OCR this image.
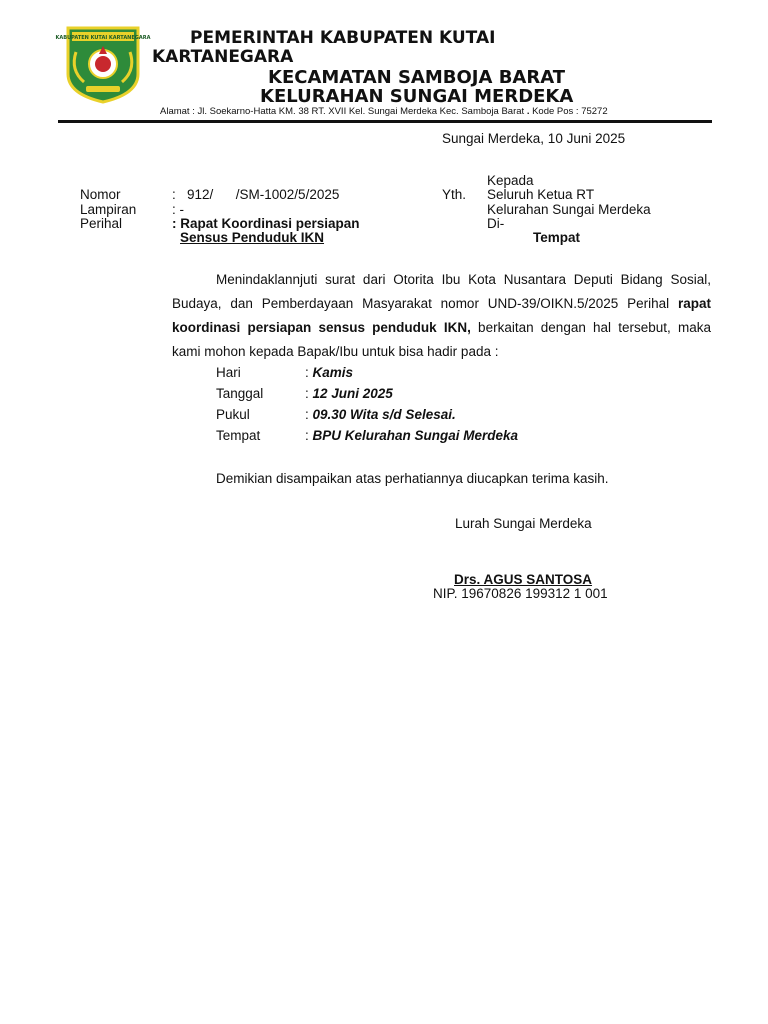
KABUPATEN KUTAI KARTANEGARA PEMERINTAH KABUPATEN KUTAI
KARTANEGARA
KECAMATAN SAMBOJA BARAT
KELURAHAN SUNGAI MERDEKA
Alamat : Jl. Soekarno-Hatta KM. 38 RT. XVII Kel. Sungai Merdeka Kec. Samboja Barat . Kode Pos : 75272
Sungai Merdeka, 10 Juni 2025
Nomor	:   912/      /SM-1002/5/2025
Lampiran	: -
Perihal	: Rapat Koordinasi persiapan
Sensus Penduduk IKN
Kepada
Yth. Seluruh Ketua RT
Kelurahan Sungai Merdeka
Di-
Tempat

Menindaklannjuti surat dari Otorita Ibu Kota Nusantara Deputi Bidang Sosial, Budaya, dan Pemberdayaan Masyarakat nomor UND-39/OIKN.5/2025 Perihal rapat koordinasi persiapan sensus penduduk IKN, berkaitan dengan hal tersebut, maka kami mohon kepada Bapak/Ibu untuk bisa hadir pada :

Hari	: Kamis
Tanggal	: 12 Juni 2025
Pukul	: 09.30 Wita s/d Selesai.
Tempat	: BPU Kelurahan Sungai Merdeka
Demikian disampaikan atas perhatiannya diucapkan terima kasih.
Lurah Sungai Merdeka
Drs. AGUS SANTOSA
NIP. 19670826 199312 1 001
